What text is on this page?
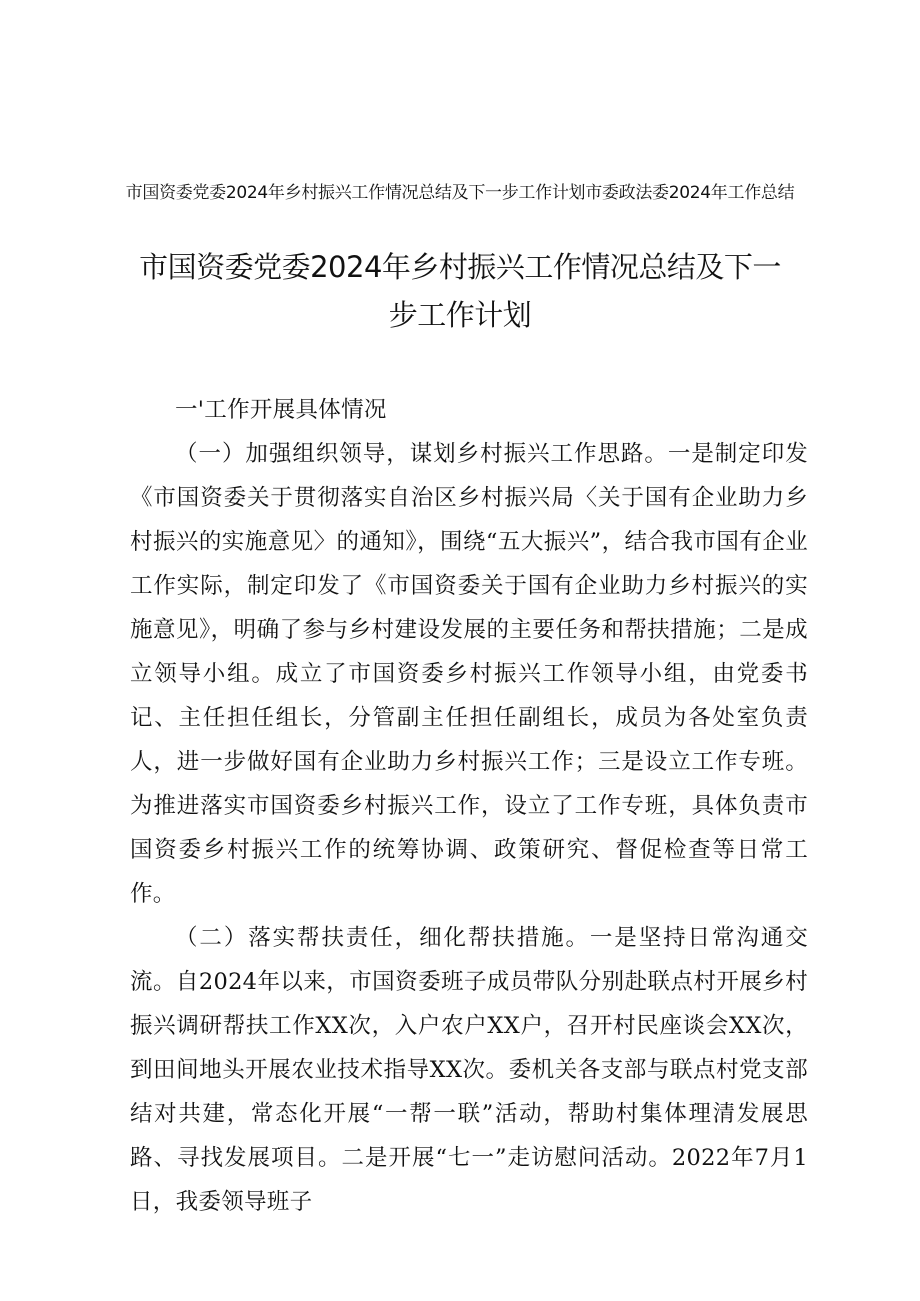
市国资委党委2024年乡村振兴工作情况总结及下一步工作计划市委政法委2024年工作总结
市国资委党委2024年乡村振兴工作情况总结及下一步工作计划

一'工作开展具体情况

（一）加强组织领导，谋划乡村振兴工作思路。一是制定印发《市国资委关于贯彻落实自治区乡村振兴局〈关于国有企业助力乡村振兴的实施意见〉的通知》，围绕“五大振兴”，结合我市国有企业工作实际，制定印发了《市国资委关于国有企业助力乡村振兴的实施意见》，明确了参与乡村建设发展的主要任务和帮扶措施；二是成立领导小组。成立了市国资委乡村振兴工作领导小组，由党委书记、主任担任组长，分管副主任担任副组长，成员为各处室负责人，进一步做好国有企业助力乡村振兴工作；三是设立工作专班。为推进落实市国资委乡村振兴工作，设立了工作专班，具体负责市国资委乡村振兴工作的统筹协调、政策研究、督促检查等日常工作。

（二）落实帮扶责任，细化帮扶措施。一是坚持日常沟通交流。自2024年以来，市国资委班子成员带队分别赴联点村开展乡村振兴调研帮扶工作XX次，入户农户XX户，召开村民座谈会XX次，到田间地头开展农业技术指导XX次。委机关各支部与联点村党支部结对共建，常态化开展“一帮一联”活动，帮助村集体理清发展思路、寻找发展项目。二是开展“七一”走访慰问活动。2022年7月1日，我委领导班子
